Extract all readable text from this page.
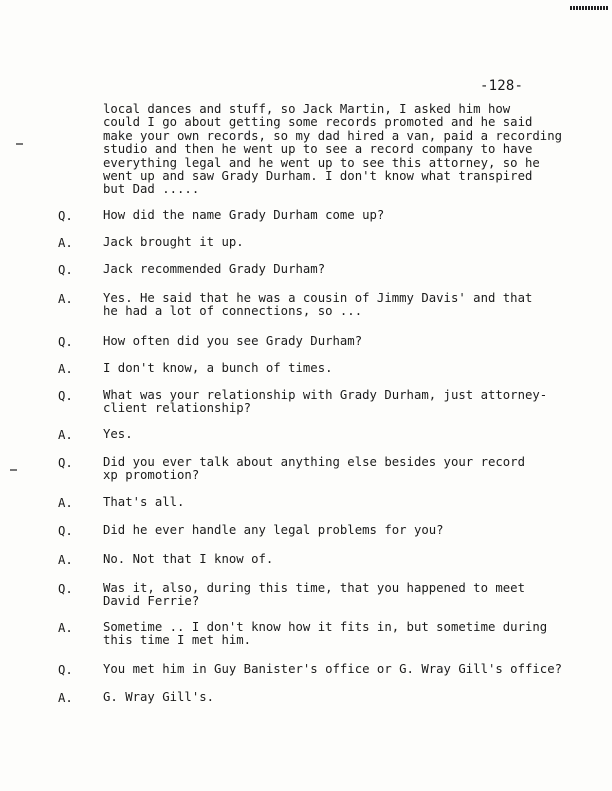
-128-
local dances and stuff, so Jack Martin, I asked him how
could I go about getting some records promoted and he said
make your own records, so my dad hired a van, paid a recording
studio and then he went up to see a record company to have
everything legal and he went up to see this attorney, so he
went up and saw Grady Durham. I don't know what transpired
but Dad .....
Q. How did the name Grady Durham come up?
A. Jack brought it up.
Q. Jack recommended Grady Durham?
A. Yes. He said that he was a cousin of Jimmy Davis' and that
he had a lot of connections, so ...
Q. How often did you see Grady Durham?
A. I don't know, a bunch of times.
Q. What was your relationship with Grady Durham, just attorney-
client relationship?
A. Yes.
Q. Did you ever talk about anything else besides your record
xp promotion?
A. That's all.
Q. Did he ever handle any legal problems for you?
A. No. Not that I know of.
Q. Was it, also, during this time, that you happened to meet
David Ferrie?
A. Sometime .. I don't know how it fits in, but sometime during
this time I met him.
Q. You met him in Guy Banister's office or G. Wray Gill's office?
A. G. Wray Gill's.
